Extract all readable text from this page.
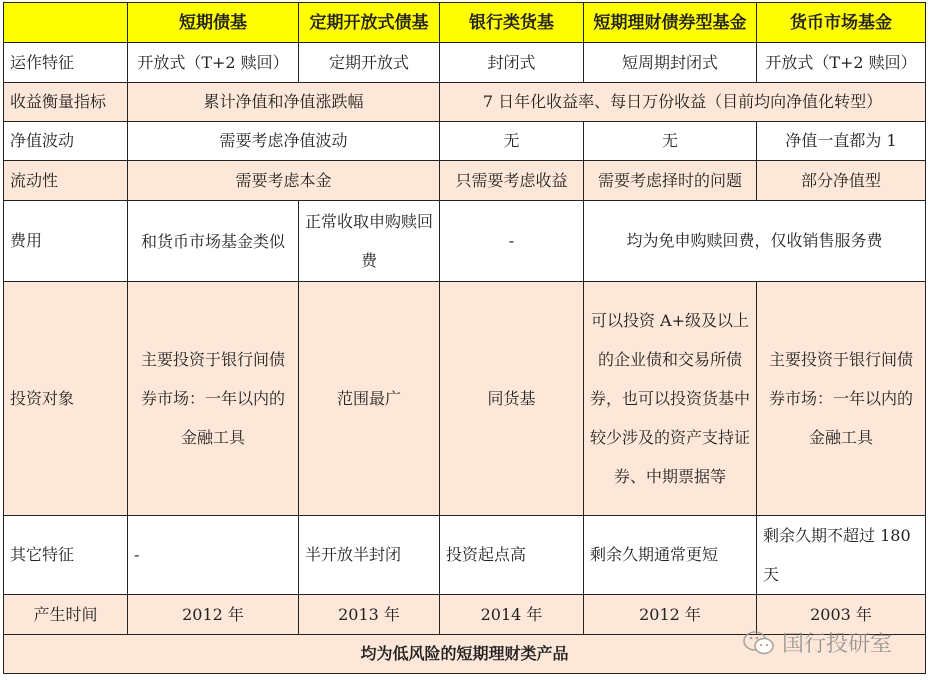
	短期债基	定期开放式债基	银行类货基	短期理财债券型基金	货币市场基金
运作特征	开放式（T+2 赎回）	定期开放式	封闭式	短周期封闭式	开放式（T+2 赎回）
收益衡量指标	累计净值和净值涨跌幅		7 日年化收益率、每日万份收益（目前均向净值化转型）		
净值波动	需要考虑净值波动		无	无	净值一直都为 1
流动性	需要考虑本金		只需要考虑收益	需要考虑择时的问题	部分净值型
费用	和货币市场基金类似	正常收取申购赎回费	-	均为免申购赎回费，仅收销售服务费	
投资对象	主要投资于银行间债券市场：一年以内的金融工具	范围最广	同货基	可以投资 A+级及以上的企业债和交易所债券，也可以投资货基中较少涉及的资产支持证券、中期票据等	主要投资于银行间债券市场：一年以内的金融工具
其它特征	-	半开放半封闭	投资起点高	剩余久期通常更短	剩余久期不超过 180 天
产生时间	2012 年	2013 年	2014 年	2012 年	2003 年
均为低风险的短期理财类产品						国行投研室
